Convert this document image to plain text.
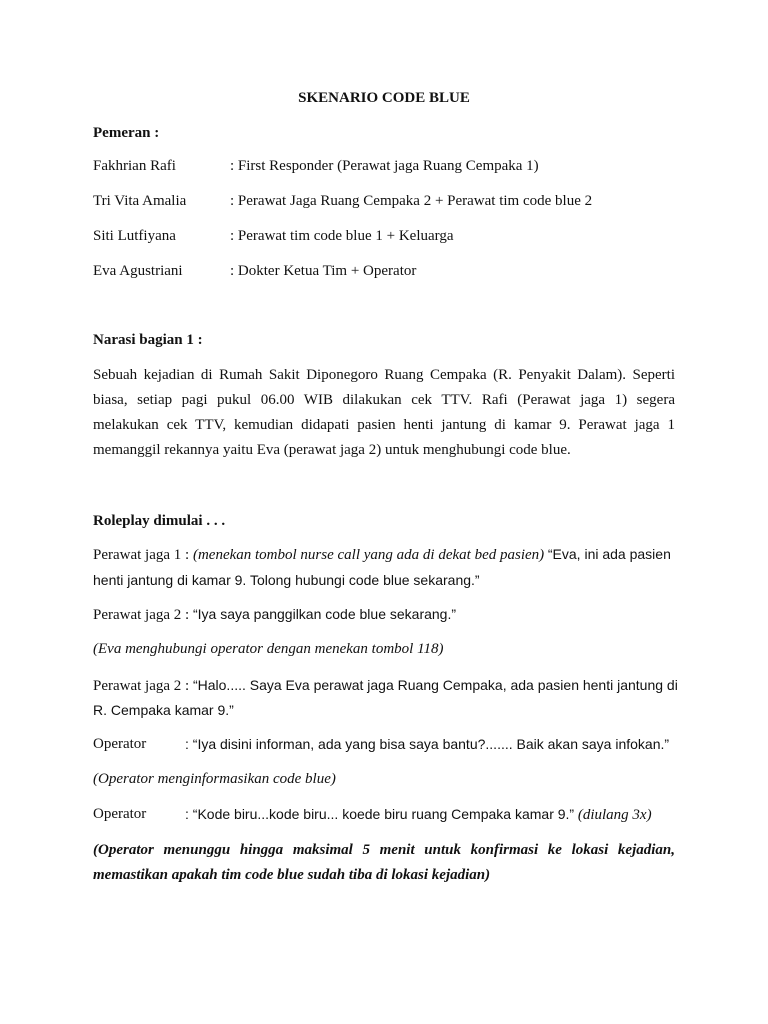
SKENARIO CODE BLUE
Pemeran :
Fakhrian Rafi	: First Responder (Perawat jaga Ruang Cempaka 1)
Tri Vita Amalia	: Perawat Jaga Ruang Cempaka 2 + Perawat tim code blue 2
Siti Lutfiyana	: Perawat tim code blue 1 + Keluarga
Eva Agustriani	: Dokter Ketua Tim + Operator
Narasi bagian 1 :
Sebuah kejadian di Rumah Sakit Diponegoro Ruang Cempaka (R. Penyakit Dalam). Seperti
biasa, setiap pagi pukul 06.00 WIB dilakukan cek TTV. Rafi (Perawat jaga 1) segera
melakukan cek TTV, kemudian didapati pasien henti jantung di kamar 9. Perawat jaga 1
memanggil rekannya yaitu Eva (perawat jaga 2) untuk menghubungi code blue.
Roleplay dimulai . . .
Perawat jaga 1 : (menekan tombol nurse call yang ada di dekat bed pasien) “Eva, ini ada pasien
henti jantung di kamar 9. Tolong hubungi code blue sekarang.”
Perawat jaga 2 : “Iya saya panggilkan code blue sekarang.”
(Eva menghubungi operator dengan menekan tombol 118)
Perawat jaga 2 : “Halo..... Saya Eva perawat jaga Ruang Cempaka, ada pasien henti jantung di
R. Cempaka kamar 9.”
Operator	: “Iya disini informan, ada yang bisa saya bantu?....... Baik akan saya infokan.”
(Operator menginformasikan code blue)
Operator	: “Kode biru...kode biru... koede biru ruang Cempaka kamar 9.” (diulang 3x)
(Operator menunggu hingga maksimal 5 menit untuk konfirmasi ke lokasi kejadian,
memastikan apakah tim code blue sudah tiba di lokasi kejadian)
